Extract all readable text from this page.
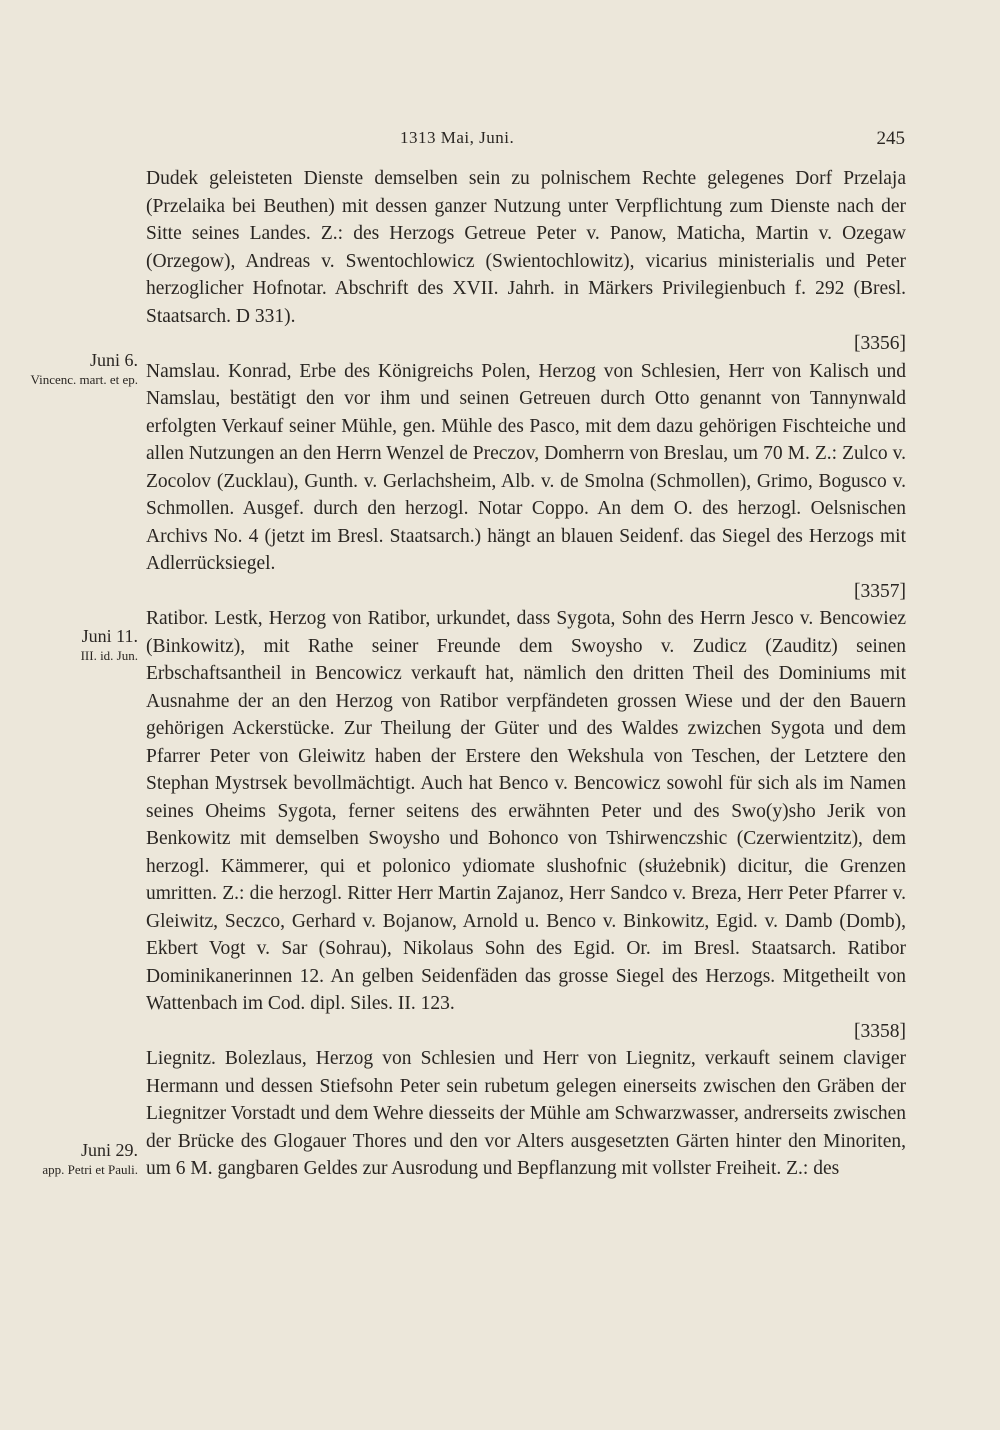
1313 Mai, Juni.	245
Juni 6.
Vincenc. mart. et ep.
Juni 11.
III. id. Jun.
Juni 29.
app. Petri et Pauli.

Dudek geleisteten Dienste demselben sein zu polnischem Rechte gelegenes Dorf Przelaja (Przelaika bei Beuthen) mit dessen ganzer Nutzung unter Verpflichtung zum Dienste nach der Sitte seines Landes. Z.: des Herzogs Getreue Peter v. Panow, Maticha, Martin v. Ozegaw (Orzegow), Andreas v. Swentochlowicz (Swientochlowitz), vicarius ministerialis und Peter herzoglicher Hofnotar. Abschrift des XVII. Jahrh. in Märkers Privilegienbuch f. 292 (Bresl. Staatsarch. D 331).
[3356]

Namslau. Konrad, Erbe des Königreichs Polen, Herzog von Schlesien, Herr von Kalisch und Namslau, bestätigt den vor ihm und seinen Getreuen durch Otto genannt von Tannynwald erfolgten Verkauf seiner Mühle, gen. Mühle des Pasco, mit dem dazu gehörigen Fischteiche und allen Nutzungen an den Herrn Wenzel de Preczov, Domherrn von Breslau, um 70 M. Z.: Zulco v. Zocolov (Zucklau), Gunth. v. Gerlachsheim, Alb. v. de Smolna (Schmollen), Grimo, Bogusco v. Schmollen. Ausgef. durch den herzogl. Notar Coppo. An dem O. des herzogl. Oelsnischen Archivs No. 4 (jetzt im Bresl. Staatsarch.) hängt an blauen Seidenf. das Siegel des Herzogs mit Adlerrücksiegel.
[3357]

Ratibor. Lestk, Herzog von Ratibor, urkundet, dass Sygota, Sohn des Herrn Jesco v. Bencowiez (Binkowitz), mit Rathe seiner Freunde dem Swoysho v. Zudicz (Zauditz) seinen Erbschaftsantheil in Bencowicz verkauft hat, nämlich den dritten Theil des Dominiums mit Ausnahme der an den Herzog von Ratibor verpfändeten grossen Wiese und der den Bauern gehörigen Ackerstücke. Zur Theilung der Güter und des Waldes zwizchen Sygota und dem Pfarrer Peter von Gleiwitz haben der Erstere den Wekshula von Teschen, der Letztere den Stephan Mystrsek bevollmächtigt. Auch hat Benco v. Bencowicz sowohl für sich als im Namen seines Oheims Sygota, ferner seitens des erwähnten Peter und des Swo(y)sho Jerik von Benkowitz mit demselben Swoysho und Bohonco von Tshirwenczshic (Czerwientzitz), dem herzogl. Kämmerer, qui et polonico ydiomate slushofnic (służebnik) dicitur, die Grenzen umritten. Z.: die herzogl. Ritter Herr Martin Zajanoz, Herr Sandco v. Breza, Herr Peter Pfarrer v. Gleiwitz, Seczco, Gerhard v. Bojanow, Arnold u. Benco v. Binkowitz, Egid. v. Damb (Domb), Ekbert Vogt v. Sar (Sohrau), Nikolaus Sohn des Egid. Or. im Bresl. Staatsarch. Ratibor Dominikanerinnen 12. An gelben Seidenfäden das grosse Siegel des Herzogs. Mitgetheilt von Wattenbach im Cod. dipl. Siles. II. 123.
[3358]

Liegnitz. Bolezlaus, Herzog von Schlesien und Herr von Liegnitz, verkauft seinem claviger Hermann und dessen Stiefsohn Peter sein rubetum gelegen einerseits zwischen den Gräben der Liegnitzer Vorstadt und dem Wehre diesseits der Mühle am Schwarzwasser, andrerseits zwischen der Brücke des Glogauer Thores und den vor Alters ausgesetzten Gärten hinter den Minoriten, um 6 M. gangbaren Geldes zur Ausrodung und Bepflanzung mit vollster Freiheit. Z.: des
